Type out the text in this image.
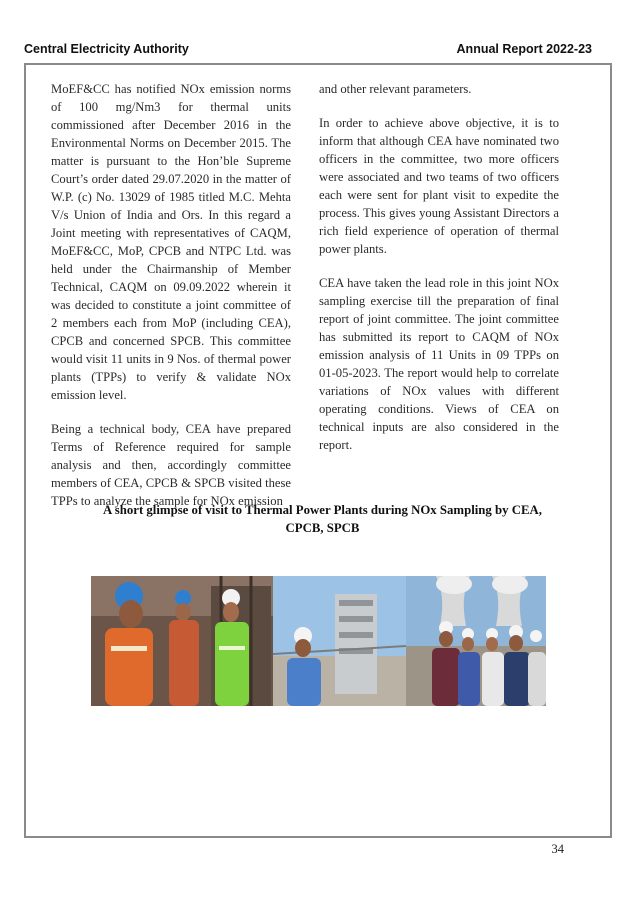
Central Electricity Authority	Annual Report 2022-23

MoEF&CC has notified NOx emission norms of 100 mg/Nm3 for thermal units commissioned after December 2016 in the Environmental Norms on December 2015. The matter is pursuant to the Hon’ble Supreme Court’s order dated 29.07.2020 in the matter of W.P. (c) No. 13029 of 1985 titled M.C. Mehta V/s Union of India and Ors. In this regard a Joint meeting with representatives of CAQM, MoEF&CC, MoP, CPCB and NTPC Ltd. was held under the Chairmanship of Member Technical, CAQM on 09.09.2022 wherein it was decided to constitute a joint committee of 2 members each from MoP (including CEA), CPCB and concerned SPCB. This committee would visit 11 units in 9 Nos. of thermal power plants (TPPs) to verify & validate NOx emission level.

Being a technical body, CEA have prepared Terms of Reference required for sample analysis and then, accordingly committee members of CEA, CPCB & SPCB visited these TPPs to analyze the sample for NOx emission

and other relevant parameters.

In order to achieve above objective, it is to inform that although CEA have nominated two officers in the committee, two more officers were associated and two teams of two officers each were sent for plant visit to expedite the process. This gives young Assistant Directors a rich field experience of operation of thermal power plants.

CEA have taken the lead role in this joint NOx sampling exercise till the preparation of final report of joint committee. The joint committee has submitted its report to CAQM of NOx emission analysis of 11 Units in 09 TPPs on 01-05-2023. The report would help to correlate variations of NOx values with different operating conditions. Views of CEA on technical inputs are also considered in the report.

A short glimpse of visit to Thermal Power Plants during NOx Sampling by CEA, CPCB, SPCB
34
